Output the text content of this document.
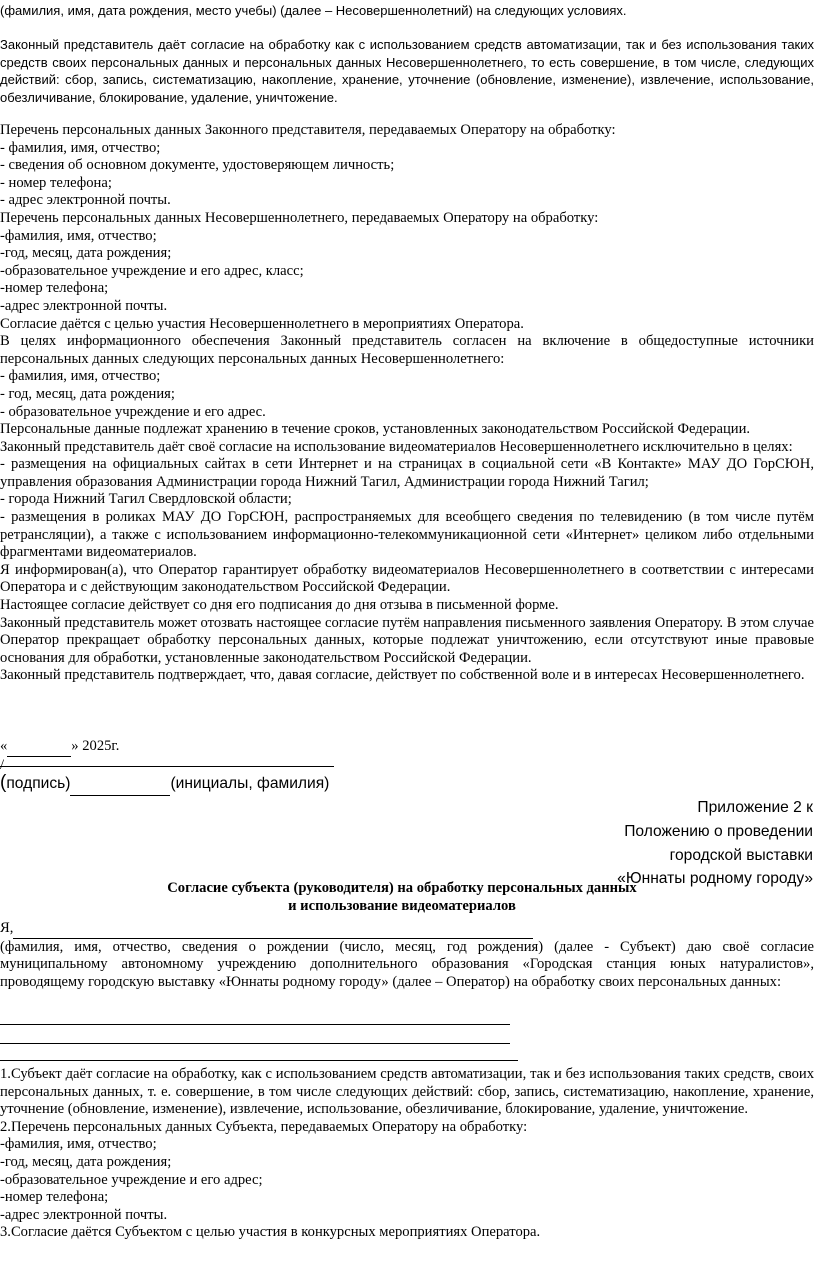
(фамилия, имя, дата рождения, место учебы) (далее – Несовершеннолетний) на следующих условиях.

Законный представитель даёт согласие на обработку как с использованием средств автоматизации, так и без использования таких средств своих персональных данных и персональных данных Несовершеннолетнего, то есть совершение, в том числе, следующих действий: сбор, запись, систематизацию, накопление, хранение, уточнение (обновление, изменение), извлечение, использование, обезличивание, блокирование, удаление, уничтожение.

Перечень персональных данных Законного представителя, передаваемых Оператору на обработку:

- фамилия, имя, отчество;

- сведения об основном документе, удостоверяющем личность;

- номер телефона;

- адрес электронной почты.

Перечень персональных данных Несовершеннолетнего, передаваемых Оператору на обработку:

-фамилия, имя, отчество;

-год, месяц, дата рождения;

-образовательное учреждение и его адрес, класс;

-номер телефона;

-адрес электронной почты.

Согласие даётся с целью участия Несовершеннолетнего в мероприятиях Оператора.

В целях информационного обеспечения Законный представитель согласен на включение в общедоступные источники персональных данных следующих персональных данных Несовершеннолетнего:

- фамилия, имя, отчество;

- год, месяц, дата рождения;

- образовательное учреждение и его адрес.

Персональные данные подлежат хранению в течение сроков, установленных законодательством Российской Федерации.

Законный представитель даёт своё согласие на использование видеоматериалов Несовершеннолетнего исключительно в целях:

- размещения на официальных сайтах в сети Интернет и на страницах в социальной сети «В Контакте» МАУ ДО ГорСЮН, управления образования Администрации города Нижний Тагил, Администрации города Нижний Тагил;

- города Нижний Тагил Свердловской области;

- размещения в роликах МАУ ДО ГорСЮН, распространяемых для всеобщего сведения по телевидению (в том числе путём ретрансляции), а также с использованием информационно-телекоммуникационной сети «Интернет» целиком либо отдельными фрагментами видеоматериалов.

Я информирован(а), что Оператор гарантирует обработку видеоматериалов Несовершеннолетнего в соответствии с интересами Оператора и с действующим законодательством Российской Федерации.

Настоящее согласие действует со дня его подписания до дня отзыва в письменной форме.

Законный представитель может отозвать настоящее согласие путём направления письменного заявления Оператору. В этом случае Оператор прекращает обработку персональных данных, которые подлежат уничтожению, если отсутствуют иные правовые основания для обработки, установленные законодательством Российской Федерации.

Законный представитель подтверждает, что, давая согласие, действует по собственной воле и в интересах Несовершеннолетнего.

«	» 2025г.
/
(подпись)	(инициалы, фамилия)
Приложение 2 к
Положению о проведении
городской выставки
«Юннаты родному городу»
Согласие субъекта (руководителя) на обработку персональных данных
и использование видеоматериалов
Я,

(фамилия, имя, отчество, сведения о рождении (число, месяц, год рождения) (далее - Субъект) даю своё согласие муниципальному автономному учреждению дополнительного образования «Городская станция юных натуралистов», проводящему городскую выставку «Юннаты родному городу» (далее – Оператор) на обработку своих персональных данных:

1.Субъект даёт согласие на обработку, как с использованием средств автоматизации, так и без использования таких средств, своих персональных данных, т. е. совершение, в том числе следующих действий: сбор, запись, систематизацию, накопление, хранение, уточнение (обновление, изменение), извлечение, использование, обезличивание, блокирование, удаление, уничтожение.

2.Перечень персональных данных Субъекта, передаваемых Оператору на обработку:

-фамилия, имя, отчество;

-год, месяц, дата рождения;

-образовательное учреждение и его адрес;

-номер телефона;

-адрес электронной почты.

3.Согласие даётся Субъектом с целью участия в конкурсных мероприятиях Оператора.
